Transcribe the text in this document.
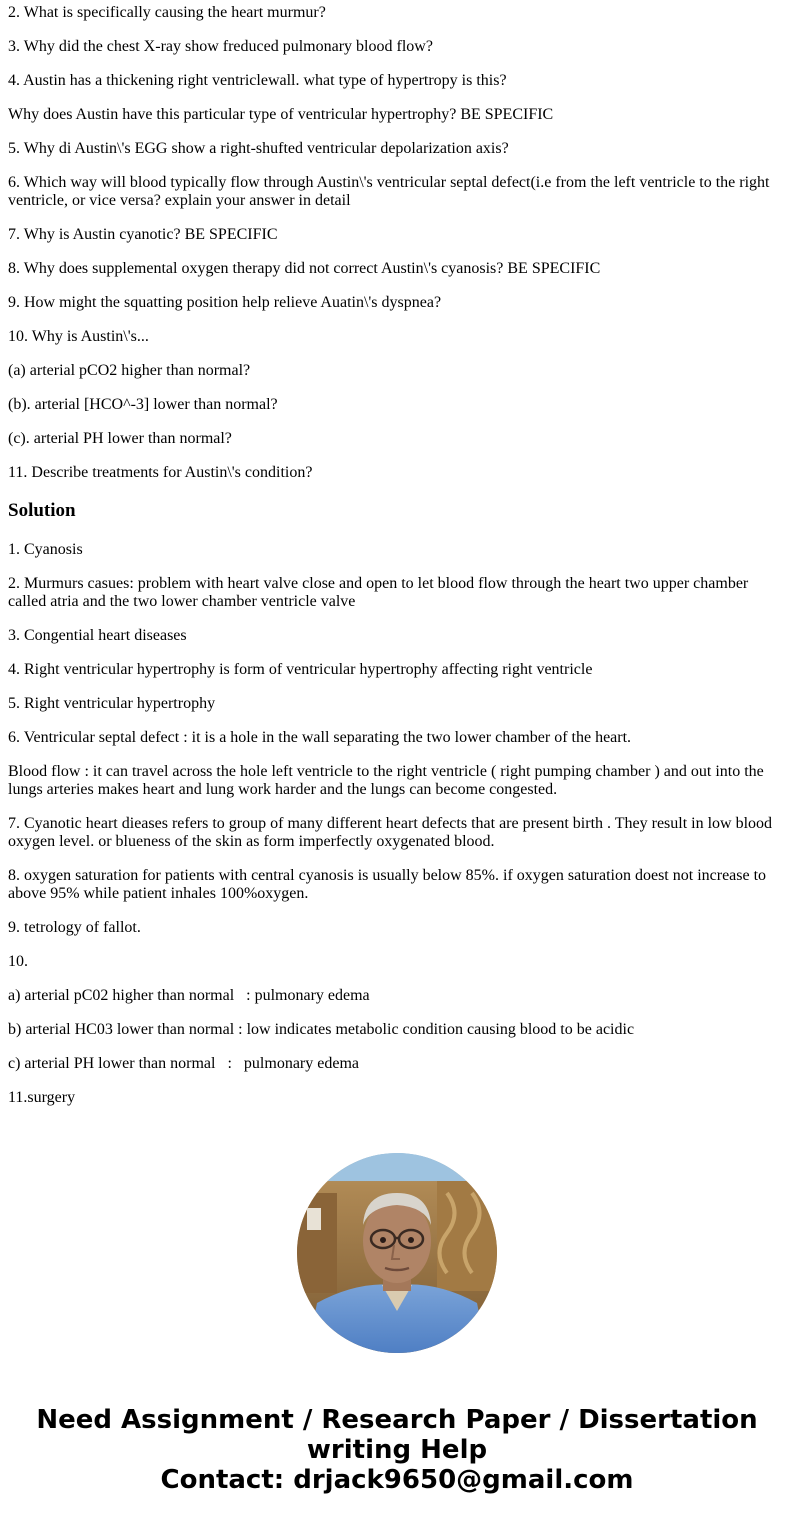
2. What is specifically causing the heart murmur?

3. Why did the chest X-ray show freduced pulmonary blood flow?

4. Austin has a thickening right ventriclewall. what type of hypertropy is this?

Why does Austin have this particular type of ventricular hypertrophy? BE SPECIFIC

5. Why di Austin\'s EGG show a right-shufted ventricular depolarization axis?

6. Which way will blood typically flow through Austin\'s ventricular septal defect(i.e from the left ventricle to the right ventricle, or vice versa? explain your answer in detail

7. Why is Austin cyanotic? BE SPECIFIC

8. Why does supplemental oxygen therapy did not correct Austin\'s cyanosis? BE SPECIFIC

9. How might the squatting position help relieve Auatin\'s dyspnea?

10. Why is Austin\'s...

(a) arterial pCO2 higher than normal?

(b). arterial [HCO^-3] lower than normal?

(c). arterial PH lower than normal?

11. Describe treatments for Austin\'s condition?

Solution

1. Cyanosis

2. Murmurs casues: problem with heart valve close and open to let blood flow through the heart two upper chamber called atria and the two lower chamber ventricle valve

3. Congential heart diseases

4. Right ventricular hypertrophy is form of ventricular hypertrophy affecting right ventricle

5. Right ventricular hypertrophy

6. Ventricular septal defect : it is a hole in the wall separating the two lower chamber of the heart.

Blood flow : it can travel across the hole left ventricle to the right ventricle ( right pumping chamber ) and out into the lungs arteries makes heart and lung work harder and the lungs can become congested.

7. Cyanotic heart dieases refers to group of many different heart defects that are present birth . They result in low blood oxygen level. or blueness of the skin as form imperfectly oxygenated blood.

8. oxygen saturation for patients with central cyanosis is usually below 85%. if oxygen saturation doest not increase to above 95% while patient inhales 100%oxygen.

9. tetrology of fallot.

10.

a) arterial pC02 higher than normal   : pulmonary edema

b) arterial HC03 lower than normal : low indicates metabolic condition causing blood to be acidic

c) arterial PH lower than normal   :   pulmonary edema

11.surgery

Need Assignment / Research Paper / Dissertation
writing Help
Contact: drjack9650@gmail.com
